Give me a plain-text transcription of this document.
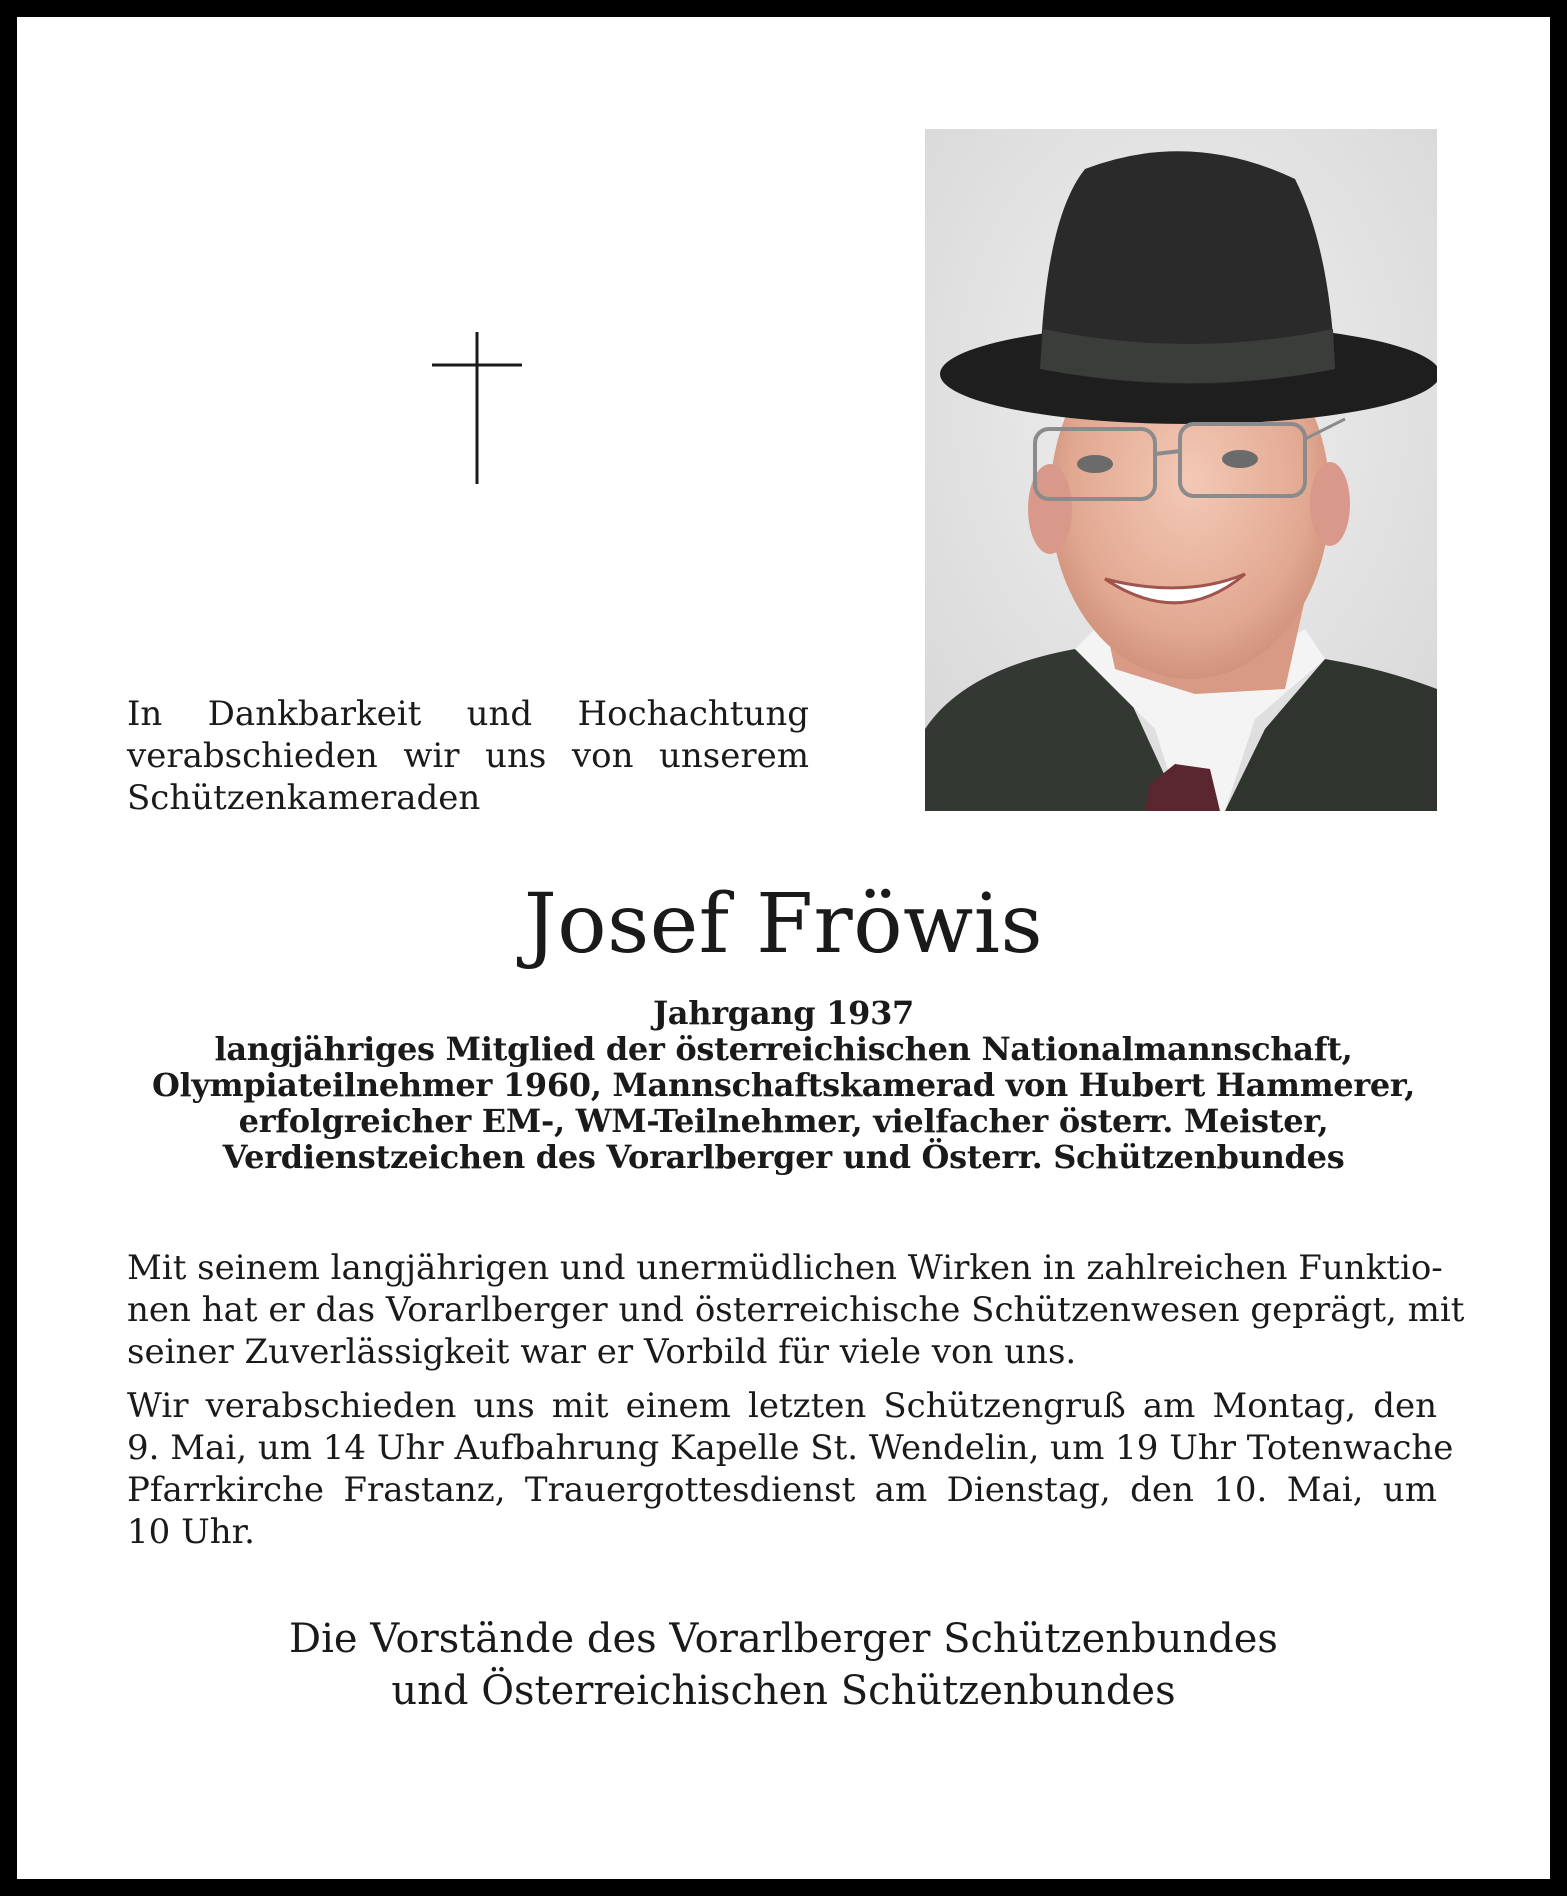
In Dankbarkeit und Hochachtung
verabschieden wir uns von unserem
Schützenkameraden
Josef Fröwis
Jahrgang 1937
langjähriges Mitglied der österreichischen Nationalmannschaft,
Olympiateilnehmer 1960, Mannschaftskamerad von Hubert Hammerer,
erfolgreicher EM-, WM-Teilnehmer, vielfacher österr. Meister,
Verdienstzeichen des Vorarlberger und Österr. Schützenbundes
Mit seinem langjährigen und unermüdlichen Wirken in zahlreichen Funktio-
nen hat er das Vorarlberger und österreichische Schützenwesen geprägt, mit
seiner Zuverlässigkeit war er Vorbild für viele von uns.
Wir verabschieden uns mit einem letzten Schützengruß am Montag, den
9. Mai, um 14 Uhr Aufbahrung Kapelle St. Wendelin, um 19 Uhr Totenwache
Pfarrkirche Frastanz, Trauergottesdienst am Dienstag, den 10. Mai, um
10 Uhr.
Die Vorstände des Vorarlberger Schützenbundes
und Österreichischen Schützenbundes
